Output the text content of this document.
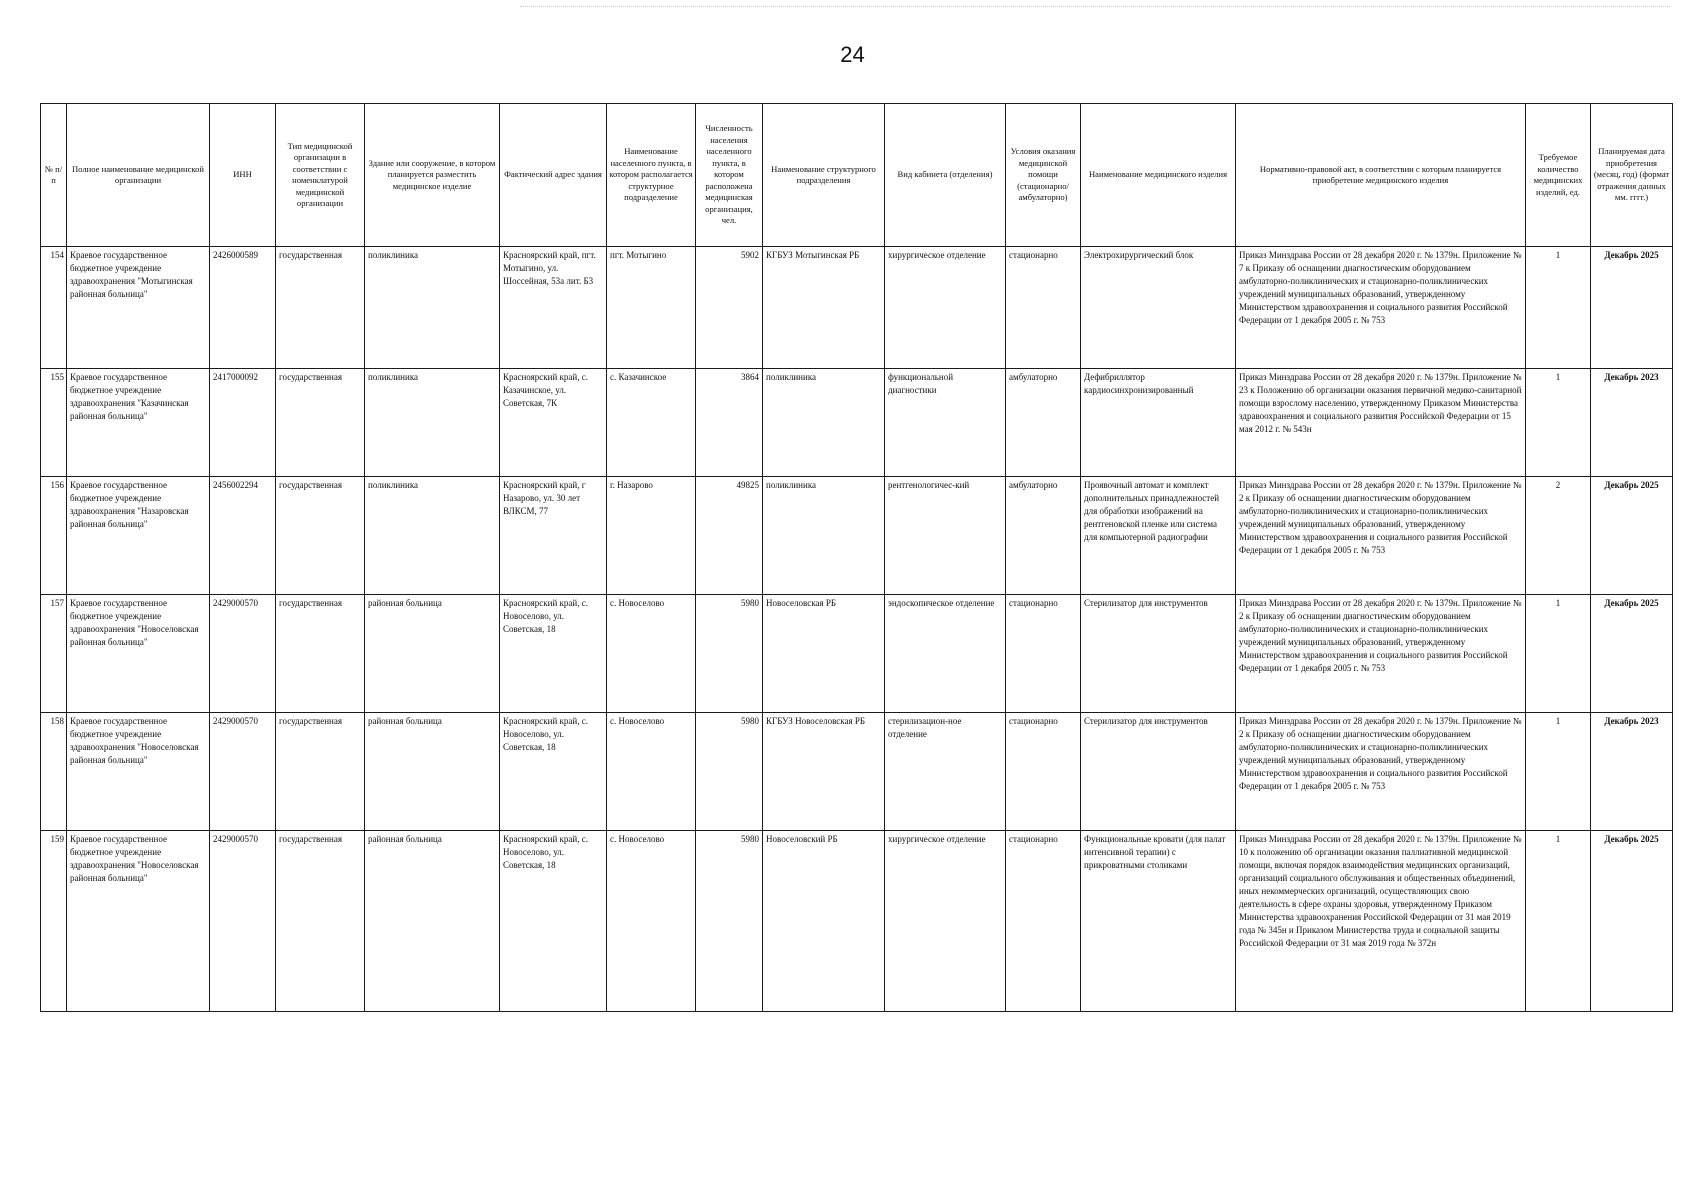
24
№ п/п	Полное наименование медицинской организации	ИНН	Тип медицинской организации в соответствии с номенклатурой медицинской организации	Здание или сооружение, в котором планируется разместить медицинское изделие	Фактический адрес здания	Наименование населенного пункта, в котором располагается структурное подразделение	Численность населения населенного пункта, в котором расположена медицинская организация, чел.	Наименование структурного подразделения	Вид кабинета (отделения)	Условия оказания медицинской помощи (стационарно/ амбулаторно)	Наименование медицинского изделия	Нормативно-правовой акт, в соответствии с которым планируется приобретение медицинского изделия	Требуемое количество медицинских изделий, ед.	Планируемая дата приобретения (месяц, год) (формат отражения данных мм. гггг.)
154	Краевое государственное бюджетное учреждение здравоохранения "Мотыгинская районная больница"	2426000589	государственная	поликлиника	Красноярский край, пгт. Мотыгино, ул. Шоссейная, 53а лит. Б3	пгт. Мотыгино	5902	КГБУЗ Мотыгинская РБ	хирургическое отделение	стационарно	Электрохирургический блок	Приказ Минздрава России от 28 декабря 2020 г. № 1379н. Приложение № 7 к Приказу об оснащении диагностическим оборудованием амбулаторно-поликлинических и стационарно-поликлинических учреждений муниципальных образований, утвержденному Министерством здравоохранения и социального развития Российской Федерации от 1 декабря 2005 г. № 753	1	Декабрь 2025
155	Краевое государственное бюджетное учреждение здравоохранения "Казачинская районная больница"	2417000092	государственная	поликлиника	Красноярский край, с. Казачинское, ул. Советская, 7К	с. Казачинское	3864	поликлиника	функциональной диагностики	амбулаторно	Дефибриллятор кардиосинхронизированный	Приказ Минздрава России от 28 декабря 2020 г. № 1379н. Приложение № 23 к Положению об организации оказания первичной медико-санитарной помощи взрослому населению, утвержденному Приказом Министерства здравоохранения и социального развития Российской Федерации от 15 мая 2012 г. № 543н	1	Декабрь 2023
156	Краевое государственное бюджетное учреждение здравоохранения "Назаровская районная больница"	2456002294	государственная	поликлиника	Красноярский край, г Назарово, ул. 30 лет ВЛКСМ, 77	г. Назарово	49825	поликлиника	рентгенологичес-кий	амбулаторно	Проявочный автомат и комплект дополнительных принадлежностей для обработки изображений на рентгеновской пленке или система для компьютерной радиографии	Приказ Минздрава России от 28 декабря 2020 г. № 1379н. Приложение № 2 к Приказу об оснащении диагностическим оборудованием амбулаторно-поликлинических и стационарно-поликлинических учреждений муниципальных образований, утвержденному Министерством здравоохранения и социального развития Российской Федерации от 1 декабря 2005 г. № 753	2	Декабрь 2025
157	Краевое государственное бюджетное учреждение здравоохранения "Новоселовская районная больница"	2429000570	государственная	районная больница	Красноярский край, с. Новоселово, ул. Советская, 18	с. Новоселово	5980	Новоселовская РБ	эндоскопическое отделение	стационарно	Стерилизатор для инструментов	Приказ Минздрава России от 28 декабря 2020 г. № 1379н. Приложение № 2 к Приказу об оснащении диагностическим оборудованием амбулаторно-поликлинических и стационарно-поликлинических учреждений муниципальных образований, утвержденному Министерством здравоохранения и социального развития Российской Федерации от 1 декабря 2005 г. № 753	1	Декабрь 2025
158	Краевое государственное бюджетное учреждение здравоохранения "Новоселовская районная больница"	2429000570	государственная	районная больница	Красноярский край, с. Новоселово, ул. Советская, 18	с. Новоселово	5980	КГБУЗ Новоселовская РБ	стерилизацион-ное отделение	стационарно	Стерилизатор для инструментов	Приказ Минздрава России от 28 декабря 2020 г. № 1379н. Приложение № 2 к Приказу об оснащении диагностическим оборудованием амбулаторно-поликлинических и стационарно-поликлинических учреждений муниципальных образований, утвержденному Министерством здравоохранения и социального развития Российской Федерации от 1 декабря 2005 г. № 753	1	Декабрь 2023
159	Краевое государственное бюджетное учреждение здравоохранения "Новоселовская районная больница"	2429000570	государственная	районная больница	Красноярский край, с. Новоселово, ул. Советская, 18	с. Новоселово	5980	Новоселовский РБ	хирургическое отделение	стационарно	Функциональные кровати (для палат интенсивной терапии) с прикроватными столиками	Приказ Минздрава России от 28 декабря 2020 г. № 1379н. Приложение № 10 к положению об организации оказания паллиативной медицинской помощи, включая порядок взаимодействия медицинских организаций, организаций социального обслуживания и общественных объединений, иных некоммерческих организаций, осуществляющих свою деятельность в сфере охраны здоровья, утвержденному Приказом Министерства здравоохранения Российской Федерации от 31 мая 2019 года № 345н и Приказом Министерства труда и социальной защиты Российской Федерации от 31 мая 2019 года № 372н	1	Декабрь 2025
